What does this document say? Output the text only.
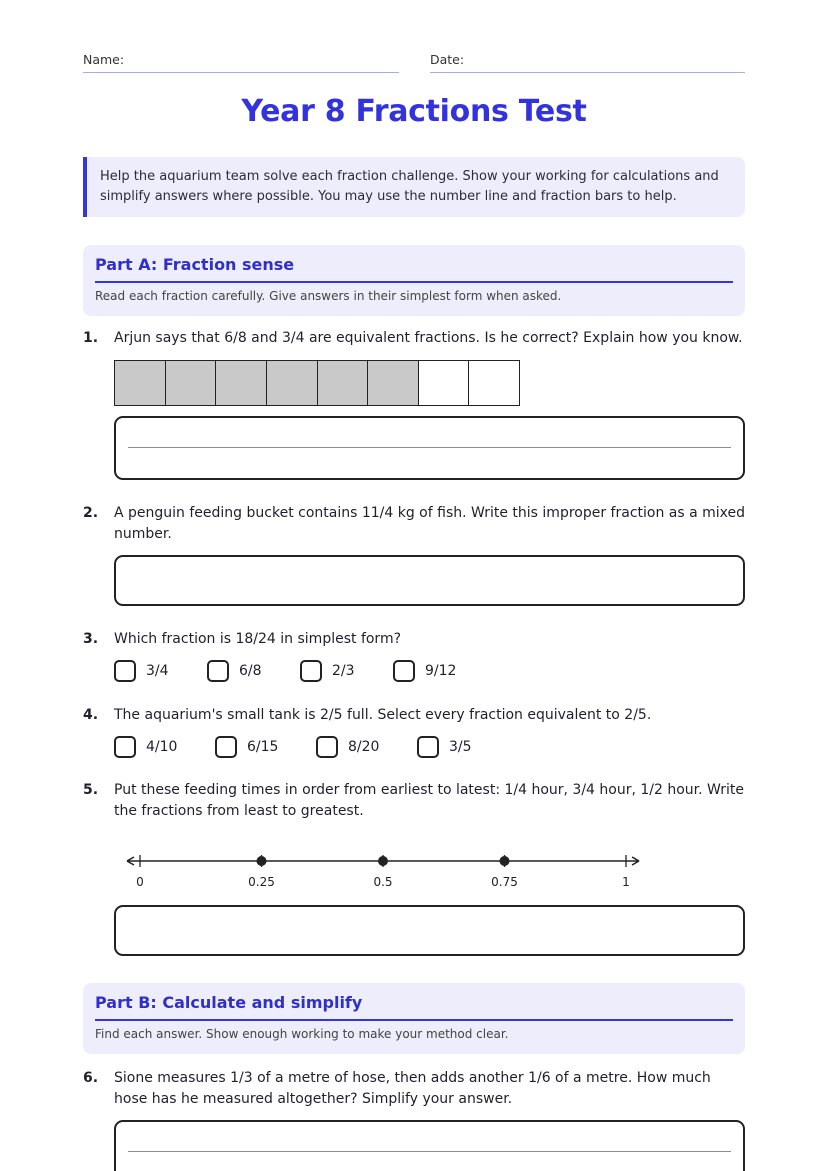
Name:	Date:
Year 8 Fractions Test
Help the aquarium team solve each fraction challenge. Show your working for calculations and simplify answers where possible. You may use the number line and fraction bars to help.
Part A: Fraction sense
Read each fraction carefully. Give answers in their simplest form when asked.
1. Arjun says that 6/8 and 3/4 are equivalent fractions. Is he correct? Explain how you know.
2. A penguin feeding bucket contains 11/4 kg of fish. Write this improper fraction as a mixed number.
3. Which fraction is 18/24 in simplest form?
3/4	6/8	2/3	9/12
4. The aquarium's small tank is 2/5 full. Select every fraction equivalent to 2/5.
4/10	6/15	8/20	3/5
5. Put these feeding times in order from earliest to latest: 1/4 hour, 3/4 hour, 1/2 hour. Write the fractions from least to greatest.
0	0.25	0.5	0.75	1
Part B: Calculate and simplify
Find each answer. Show enough working to make your method clear.
6. Sione measures 1/3 of a metre of hose, then adds another 1/6 of a metre. How much hose has he measured altogether? Simplify your answer.
